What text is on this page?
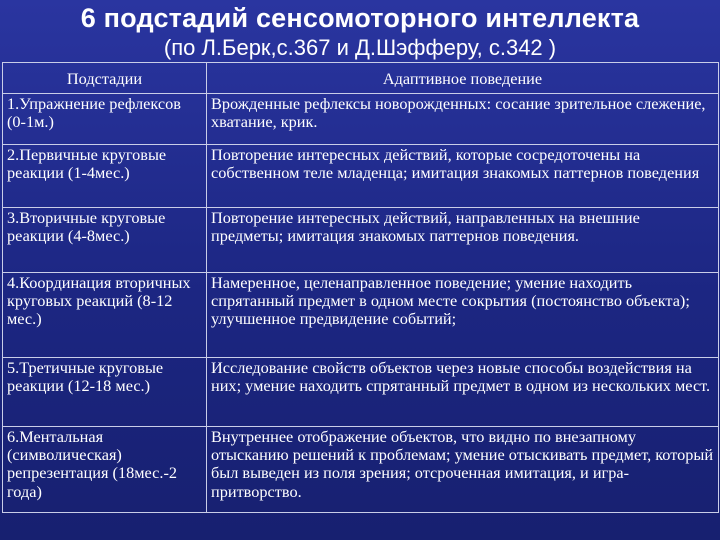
6 подстадий сенсомоторного интеллекта
(по Л.Берк,с.367 и Д.Шэфферу, с.342 )
Подстадии	Адаптивное поведение
1.Упражнение рефлексов (0-1м.)	Врожденные рефлексы новорожденных: сосание зрительное слежение, хватание, крик.
2.Первичные круговые реакции (1-4мес.)	Повторение интересных действий, которые сосредоточены на собственном теле младенца; имитация знакомых паттернов поведения
3.Вторичные круговые реакции (4-8мес.)	Повторение интересных действий, направленных на внешние предметы; имитация знакомых паттернов поведения.
4.Координация вторичных круговых реакций (8-12 мес.)	Намеренное, целенаправленное поведение; умение находить спрятанный предмет в одном месте сокрытия (постоянство объекта); улучшенное предвидение событий;
5.Третичные круговые реакции (12-18 мес.)	Исследование свойств объектов через новые способы воздействия на них; умение находить спрятанный предмет в одном из нескольких мест.
6.Ментальная (символическая) репрезентация (18мес.-2 года)	Внутреннее отображение объектов, что видно по внезапному отысканию решений к проблемам; умение отыскивать предмет, который был выведен из поля зрения; отсроченная имитация, и игра-притворство.
